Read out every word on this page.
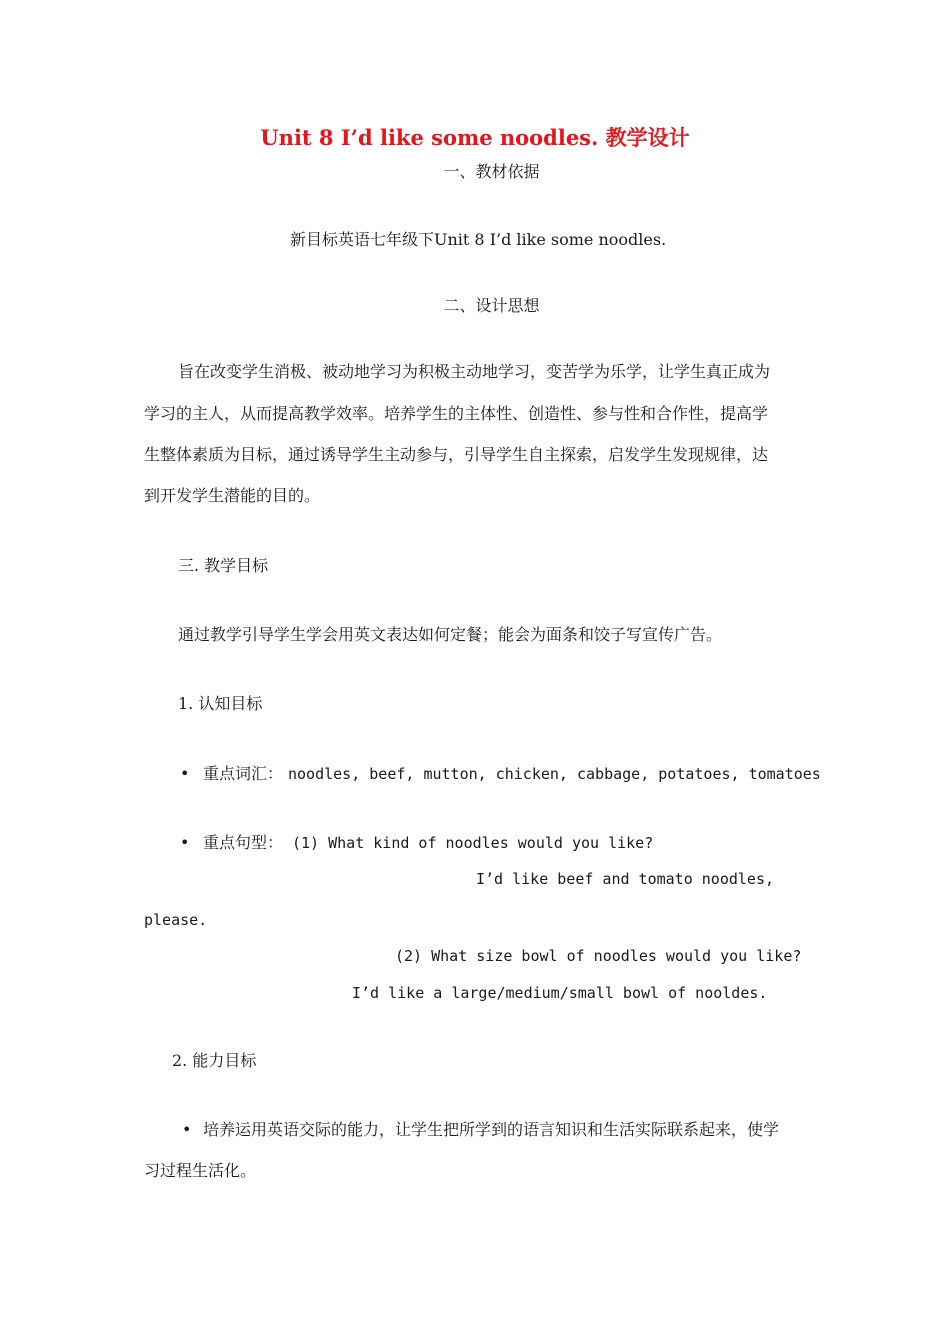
Unit 8 I’d like some noodles. 教学设计
一、教材依据
新目标英语七年级下Unit 8 I’d like some noodles.
二、设计思想
旨在改变学生消极、被动地学习为积极主动地学习，变苦学为乐学，让学生真正成为
学习的主人，从而提高教学效率。培养学生的主体性、创造性、参与性和合作性，提高学
生整体素质为目标，通过诱导学生主动参与，引导学生自主探索，启发学生发现规律，达
到开发学生潜能的目的。
三. 教学目标
通过教学引导学生学会用英文表达如何定餐；能会为面条和饺子写宣传广告。
1. 认知目标
• 重点词汇： noodles, beef, mutton, chicken, cabbage, potatoes, tomatoes
• 重点句型： (1) What kind of noodles would you like?
I’d like beef and tomato noodles,
please.
(2) What size bowl of noodles would you like?
I’d like a large/medium/small bowl of nooldes.
2. 能力目标
• 培养运用英语交际的能力，让学生把所学到的语言知识和生活实际联系起来，使学
习过程生活化。
